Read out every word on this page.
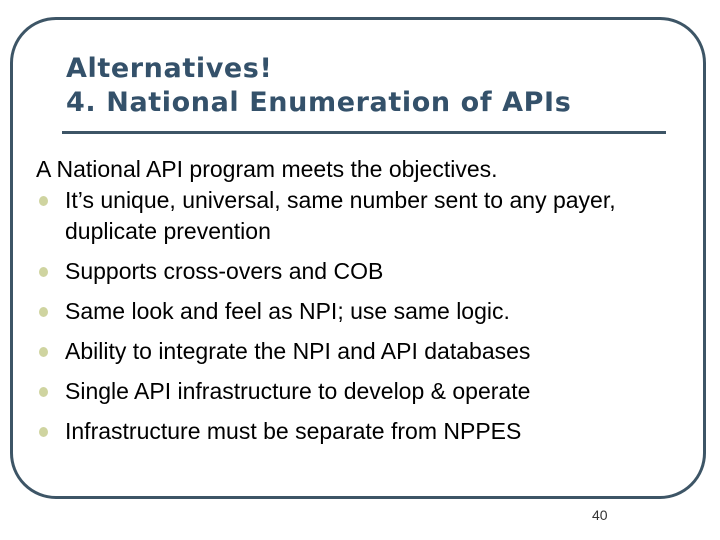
Alternatives!
4. National Enumeration of APIs
A National API program meets the objectives.
It’s unique, universal, same number sent to any payer, duplicate prevention
Supports cross-overs and COB
Same look and feel as NPI; use same logic.
Ability to integrate the NPI and API databases
Single API infrastructure to develop & operate
Infrastructure must be separate from NPPES
40
